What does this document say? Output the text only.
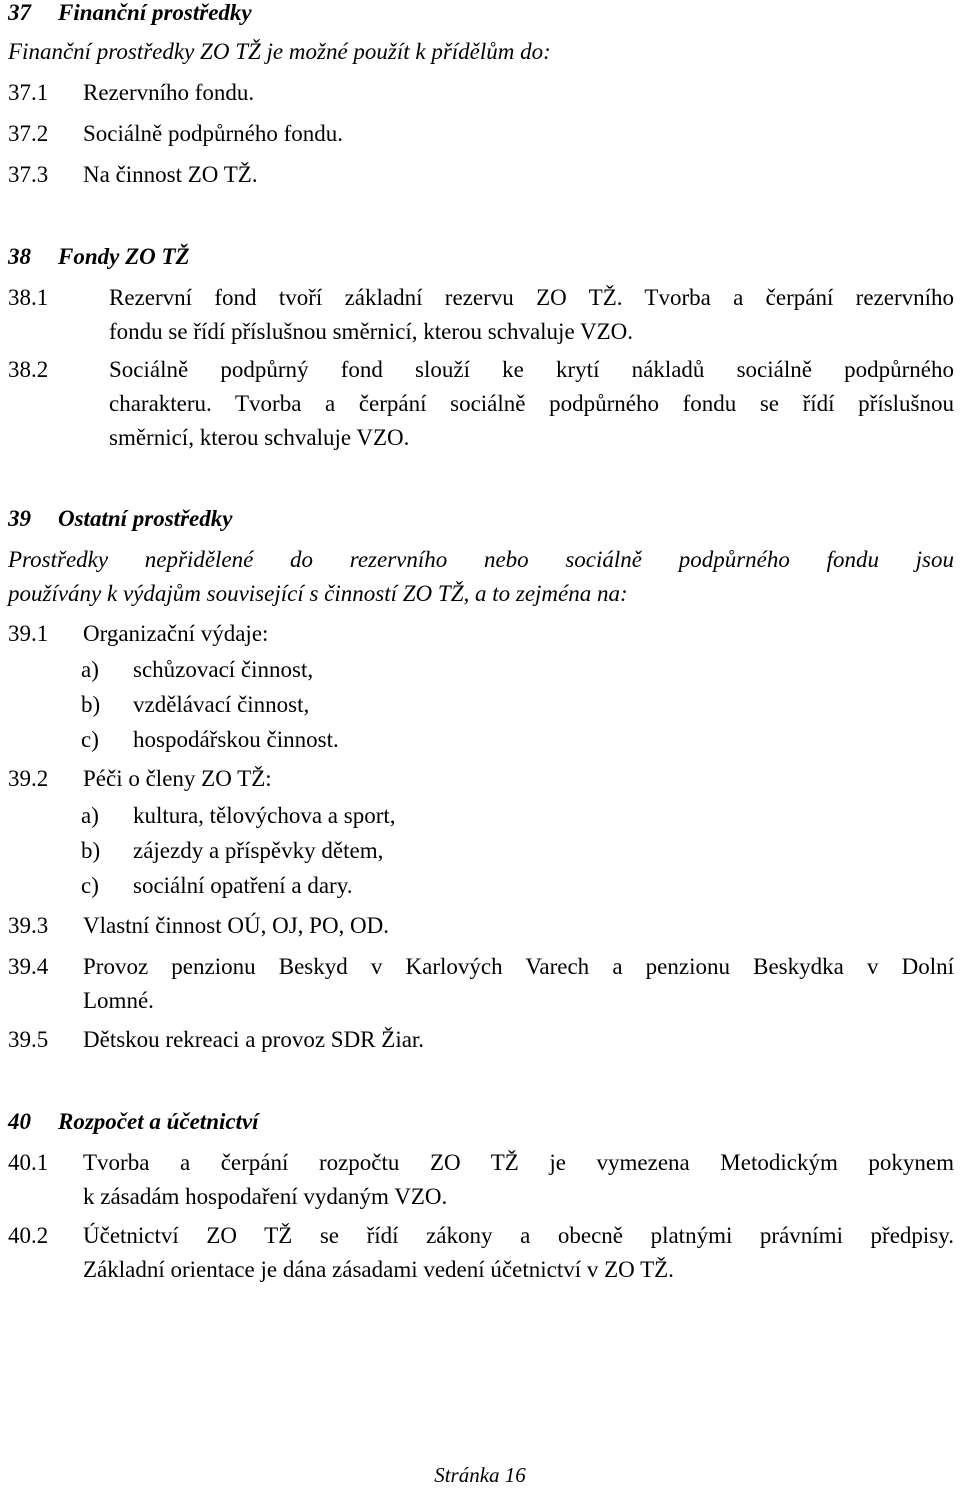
37 Finanční prostředky
Finanční prostředky ZO TŽ je možné použít k přídělům do:
37.1 Rezervního fondu.
37.2 Sociálně podpůrného fondu.
37.3 Na činnost ZO TŽ.
38 Fondy ZO TŽ
38.1	Rezervní fond tvoří základní rezervu ZO TŽ. Tvorba a čerpání rezervního
fondu se řídí příslušnou směrnicí, kterou schvaluje VZO.
38.2	Sociálně podpůrný fond slouží ke krytí nákladů sociálně podpůrného
charakteru. Tvorba a čerpání sociálně podpůrného fondu se řídí příslušnou
směrnicí, kterou schvaluje VZO.
39 Ostatní prostředky
Prostředky nepřidělené do rezervního nebo sociálně podpůrného fondu jsou
používány k výdajům související s činností ZO TŽ, a to zejména na:
39.1 Organizační výdaje:
a) schůzovací činnost,
b) vzdělávací činnost,
c) hospodářskou činnost.
39.2 Péči o členy ZO TŽ:
a) kultura, tělovýchova a sport,
b) zájezdy a příspěvky dětem,
c) sociální opatření a dary.
39.3 Vlastní činnost OÚ, OJ, PO, OD.
39.4 Provoz penzionu Beskyd v Karlových Varech a penzionu Beskydka v Dolní
Lomné.
39.5 Dětskou rekreaci a provoz SDR Žiar.
40 Rozpočet a účetnictví
40.1 Tvorba a čerpání rozpočtu ZO TŽ je vymezena Metodickým pokynem
k zásadám hospodaření vydaným VZO.
40.2 Účetnictví ZO TŽ se řídí zákony a obecně platnými právními předpisy.
Základní orientace je dána zásadami vedení účetnictví v ZO TŽ.
Stránka 16
